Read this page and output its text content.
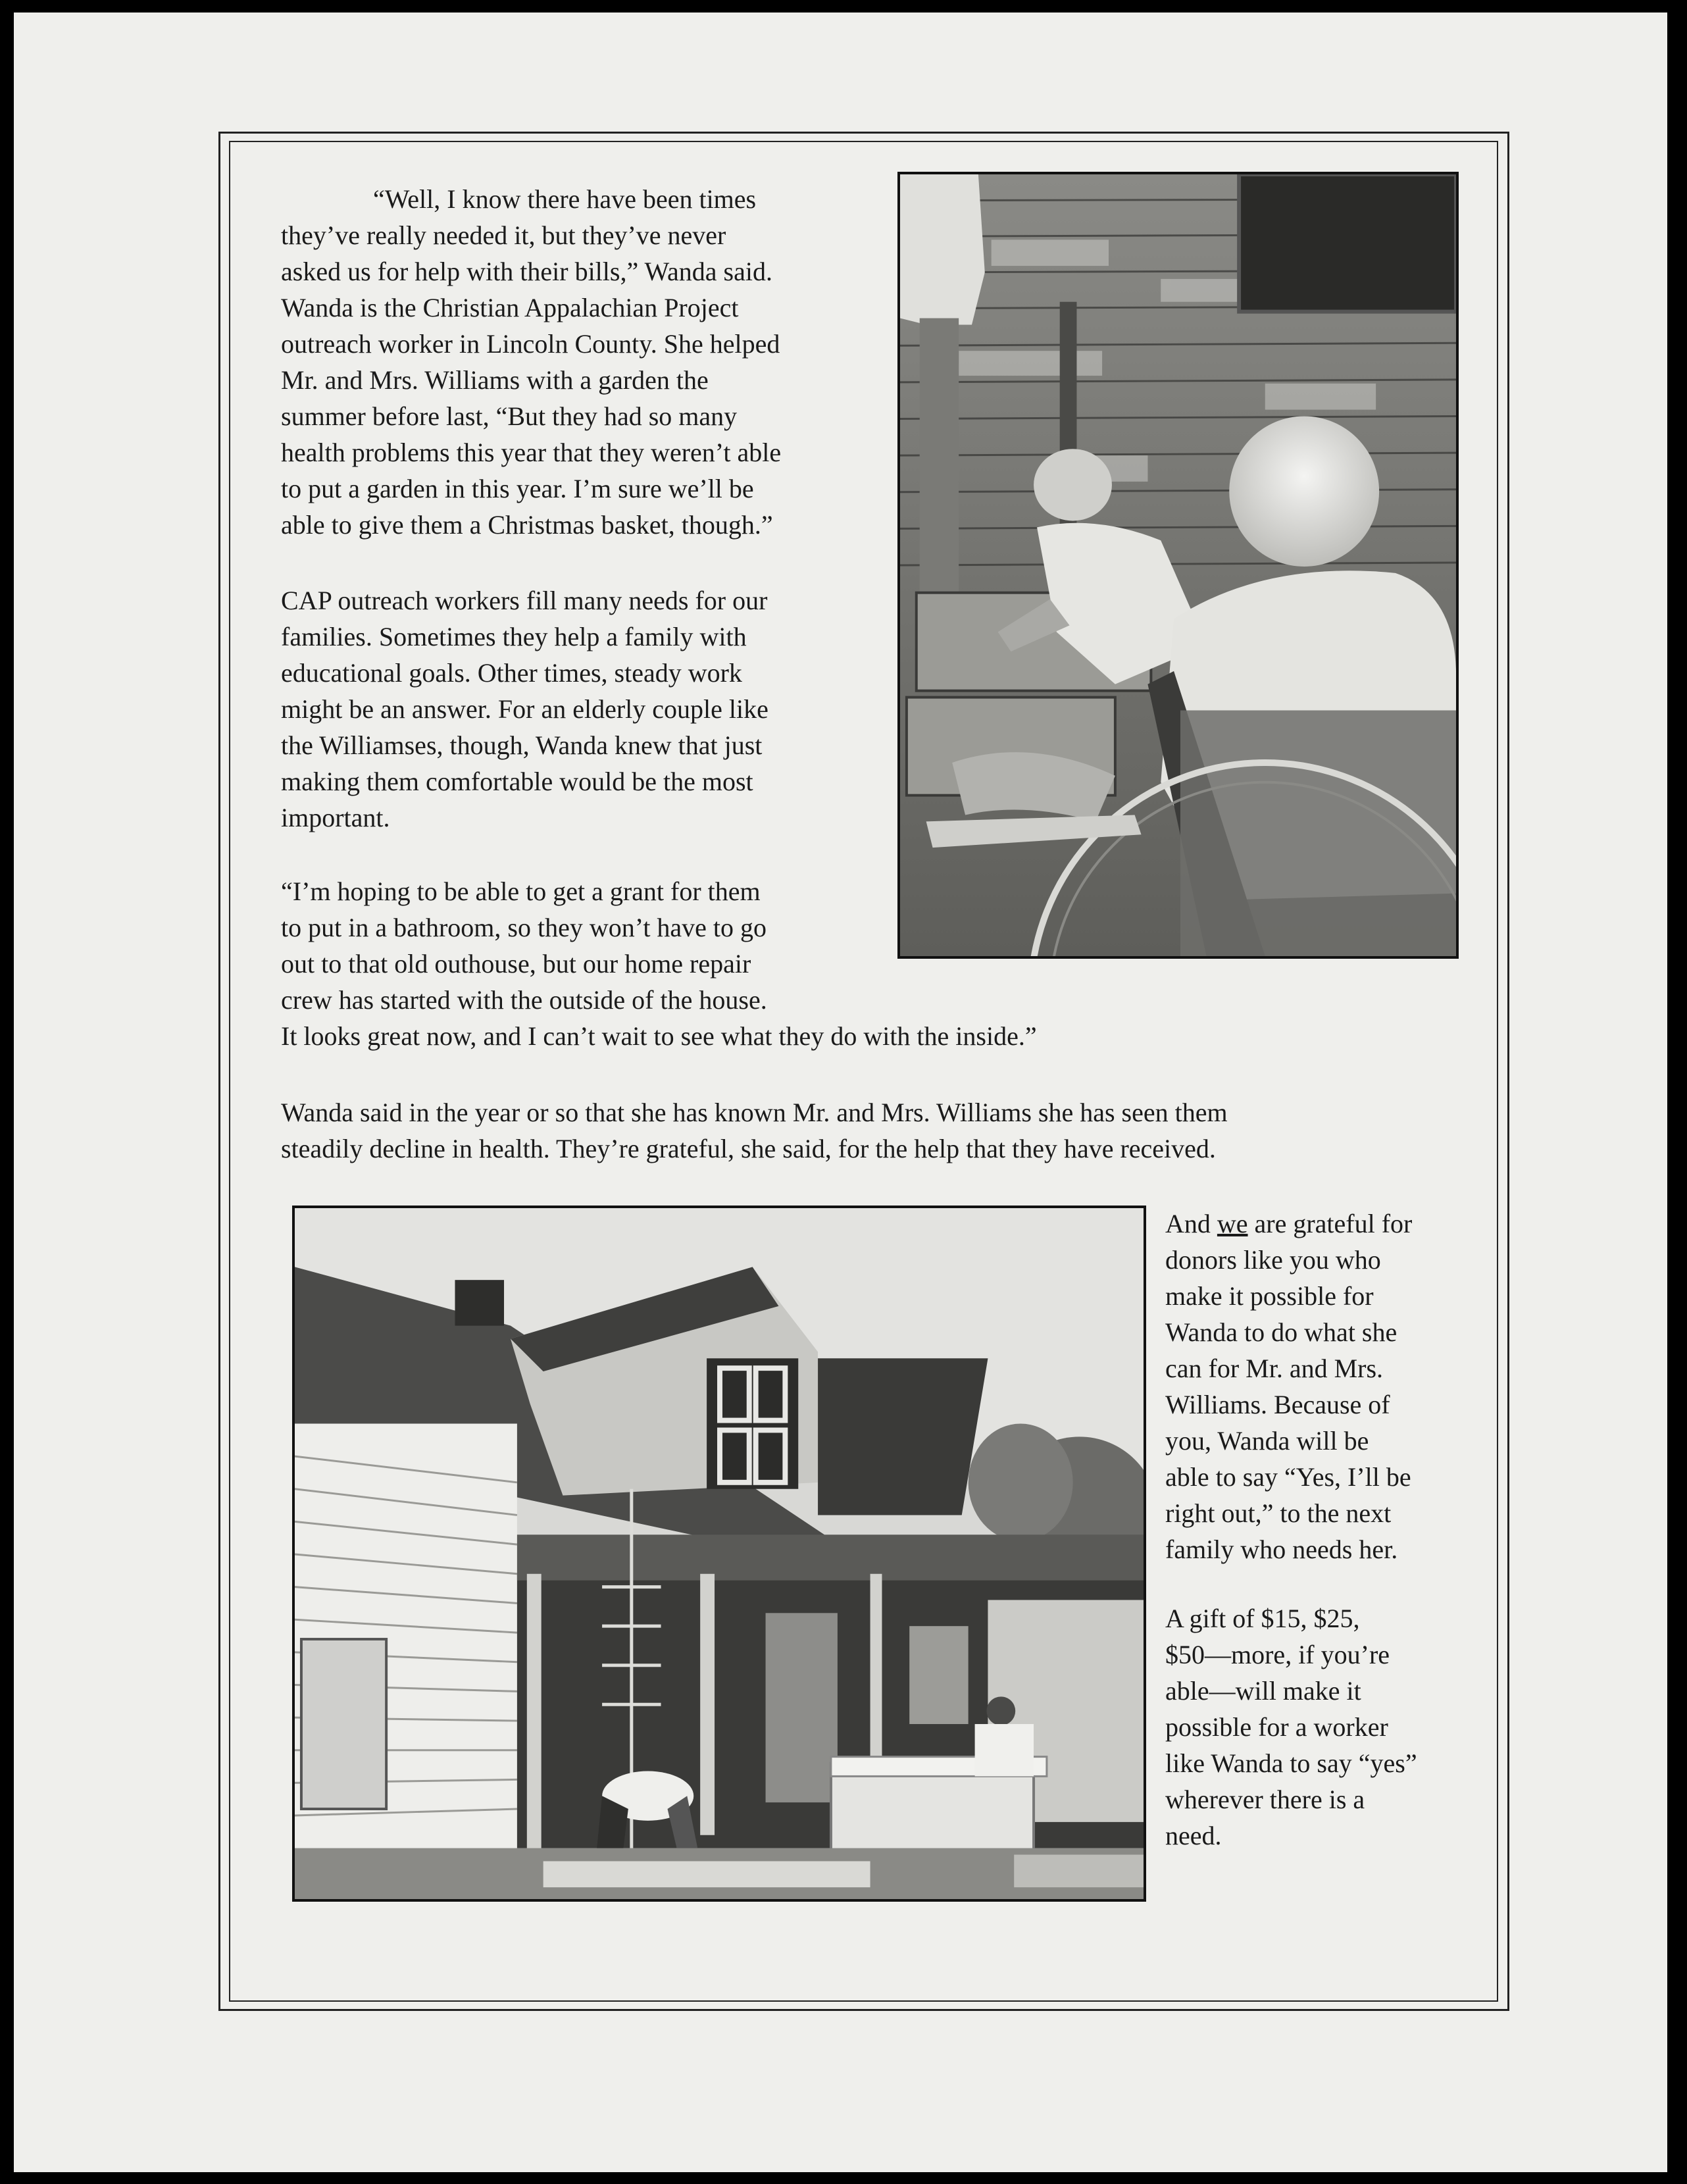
“Well, I know there have been times
they’ve really needed it, but they’ve never
asked us for help with their bills,” Wanda said.
Wanda is the Christian Appalachian Project
outreach worker in Lincoln County. She helped
Mr. and Mrs. Williams with a garden the
summer before last, “But they had so many
health problems this year that they weren’t able
to put a garden in this year. I’m sure we’ll be
able to give them a Christmas basket, though.”
CAP outreach workers fill many needs for our
families. Sometimes they help a family with
educational goals. Other times, steady work
might be an answer. For an elderly couple like
the Williamses, though, Wanda knew that just
making them comfortable would be the most
important.
“I’m hoping to be able to get a grant for them
to put in a bathroom, so they won’t have to go
out to that old outhouse, but our home repair
crew has started with the outside of the house.
It looks great now, and I can’t wait to see what they do with the inside.”
Wanda said in the year or so that she has known Mr. and Mrs. Williams she has seen them
steadily decline in health. They’re grateful, she said, for the help that they have received.
And we are grateful for
donors like you who
make it possible for
Wanda to do what she
can for Mr. and Mrs.
Williams. Because of
you, Wanda will be
able to say “Yes, I’ll be
right out,” to the next
family who needs her.
A gift of $15, $25,
$50—more, if you’re
able—will make it
possible for a worker
like Wanda to say “yes”
wherever there is a
need.
